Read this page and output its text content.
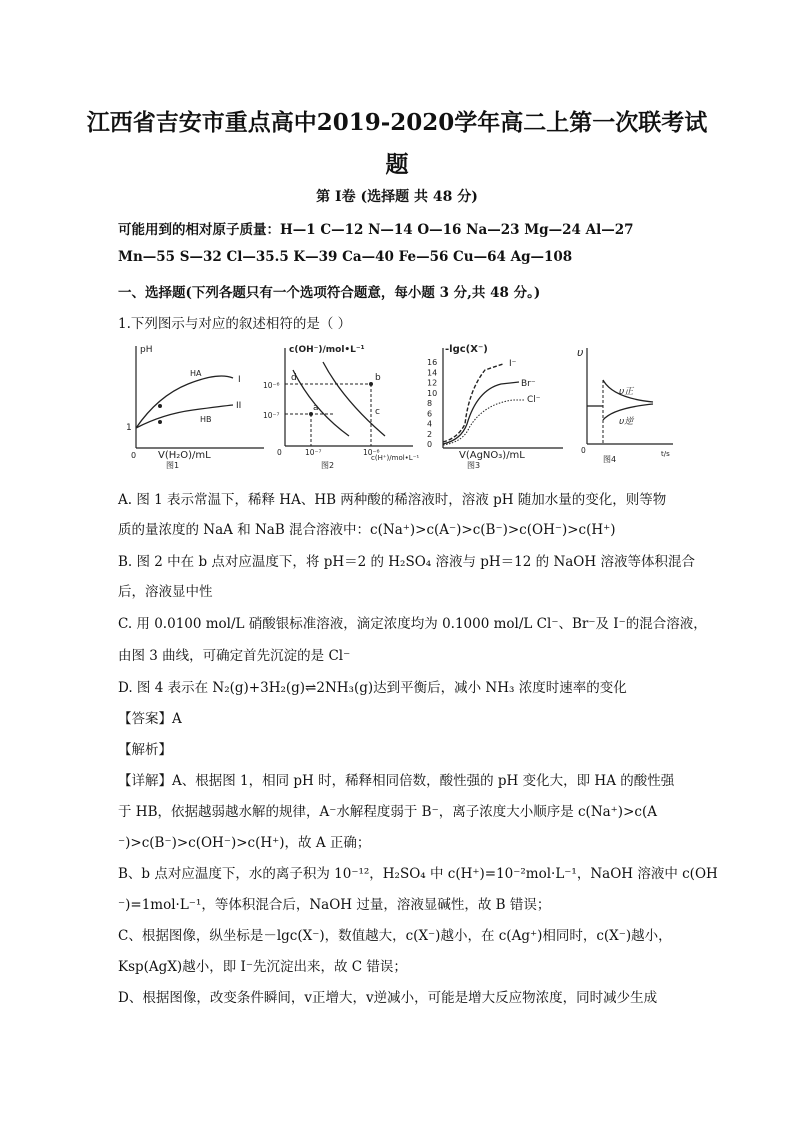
江西省吉安市重点高中2019-2020学年高二上第一次联考试
题
第 Ⅰ卷 (选择题 共 48 分)
可能用到的相对原子质量：H—1 C—12 N—14 O—16 Na—23 Mg—24 Al—27
Mn—55 S—32 Cl—35.5 K—39 Ca—40 Fe—56 Cu—64 Ag—108
一、选择题(下列各题只有一个选项符合题意，每小题 3 分,共 48 分。)
1.下列图示与对应的叙述相符的是（ ）
pH
1
0
HA
I
HB
II
V(H₂O)/mL
图1
c(OH⁻)/mol•L⁻¹
10⁻⁶
10⁻⁷
0
a
b
c
d
10⁻⁷	10⁻⁶
c(H⁺)/mol•L⁻¹
图2
-lgc(X⁻)
16
14
12
10
8
6
4
2
0
I⁻
Br⁻
Cl⁻
V(AgNO₃)/mL
图3
υ
0
υ正
υ逆
t/s
图4
A. 图 1 表示常温下，稀释 HA、HB 两种酸的稀溶液时，溶液 pH 随加水量的变化，则等物
质的量浓度的 NaA 和 NaB 混合溶液中：c(Na⁺)>c(A⁻)>c(B⁻)>c(OH⁻)>c(H⁺)
B. 图 2 中在 b 点对应温度下，将 pH＝2 的 H₂SO₄ 溶液与 pH＝12 的 NaOH 溶液等体积混合
后，溶液显中性
C. 用 0.0100 mol/L 硝酸银标准溶液，滴定浓度均为 0.1000 mol/L Cl⁻、Br⁻及 I⁻的混合溶液，
由图 3 曲线，可确定首先沉淀的是 Cl⁻
D. 图 4 表示在 N₂(g)+3H₂(g)⇌2NH₃(g)达到平衡后，减小 NH₃ 浓度时速率的变化
【答案】A
【解析】
【详解】A、根据图 1，相同 pH 时，稀释相同倍数，酸性强的 pH 变化大，即 HA 的酸性强
于 HB，依据越弱越水解的规律，A⁻水解程度弱于 B⁻，离子浓度大小顺序是 c(Na⁺)>c(A
⁻)>c(B⁻)>c(OH⁻)>c(H⁺)，故 A 正确；
B、b 点对应温度下，水的离子积为 10⁻¹²，H₂SO₄ 中 c(H⁺)=10⁻²mol·L⁻¹，NaOH 溶液中 c(OH
⁻)=1mol·L⁻¹，等体积混合后，NaOH 过量，溶液显碱性，故 B 错误；
C、根据图像，纵坐标是－lgc(X⁻)，数值越大，c(X⁻)越小，在 c(Ag⁺)相同时，c(X⁻)越小，
Ksp(AgX)越小，即 I⁻先沉淀出来，故 C 错误；
D、根据图像，改变条件瞬间，v正增大，v逆减小，可能是增大反应物浓度，同时减少生成
